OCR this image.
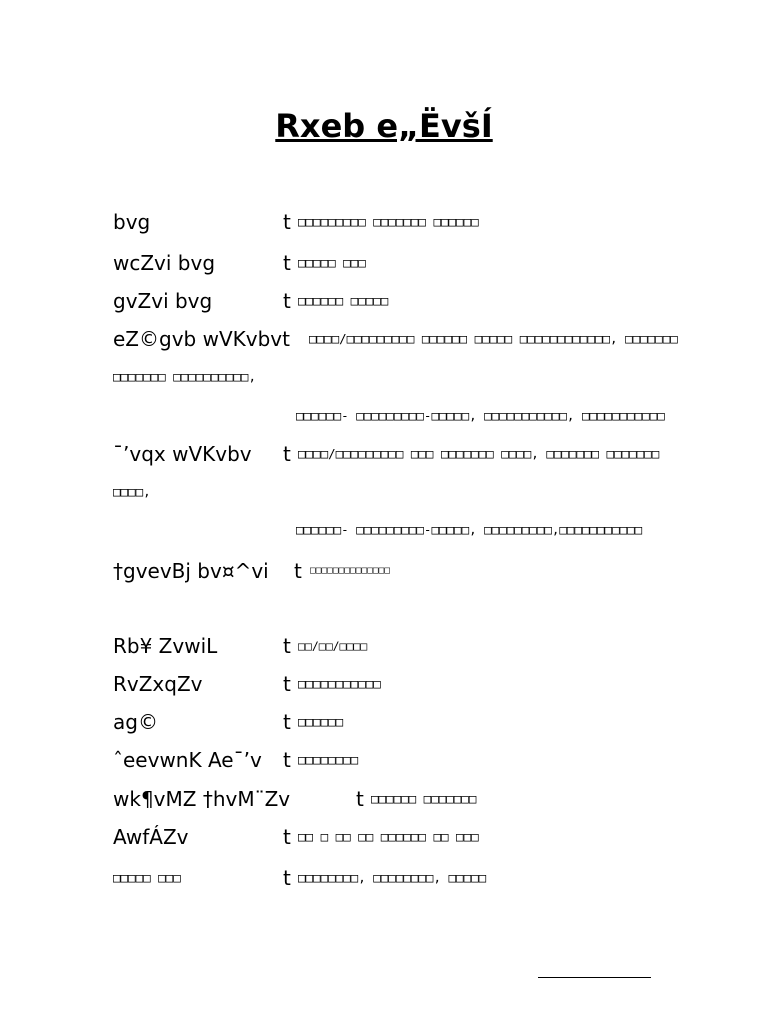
Rxeb e„ËvšÍ
bvg	t □□□□□□□□□ □□□□□□□ □□□□□□
wcZvi bvg	t □□□□□ □□□
gvZvi bvg	t □□□□□□ □□□□□
eZ©gvb wVKvbvt □□□□/□□□□□□□□□ □□□□□□ □□□□□ □□□□□□□□□□□□, □□□□□□□
□□□□□□□ □□□□□□□□□□,
□□□□□□- □□□□□□□□□-□□□□□, □□□□□□□□□□□, □□□□□□□□□□□
¯’vqx wVKvbv t □□□□/□□□□□□□□□ □□□ □□□□□□□ □□□□, □□□□□□□ □□□□□□□
□□□□,
□□□□□□- □□□□□□□□□-□□□□□, □□□□□□□□□,□□□□□□□□□□□
†gvevBj bv¤^vi t □□□□□□□□□□□□□□
Rb¥ ZvwiL	t □□/□□/□□□□
RvZxqZv	t □□□□□□□□□□□
ag©	t □□□□□□
ˆeevwnK Ae¯’v t □□□□□□□□
wk¶vMZ †hvM¨Zv	t □□□□□□ □□□□□□□
AwfÁZv	t □□ □ □□ □□ □□□□□□ □□ □□□
□□□□□ □□□	t □□□□□□□□, □□□□□□□□, □□□□□
